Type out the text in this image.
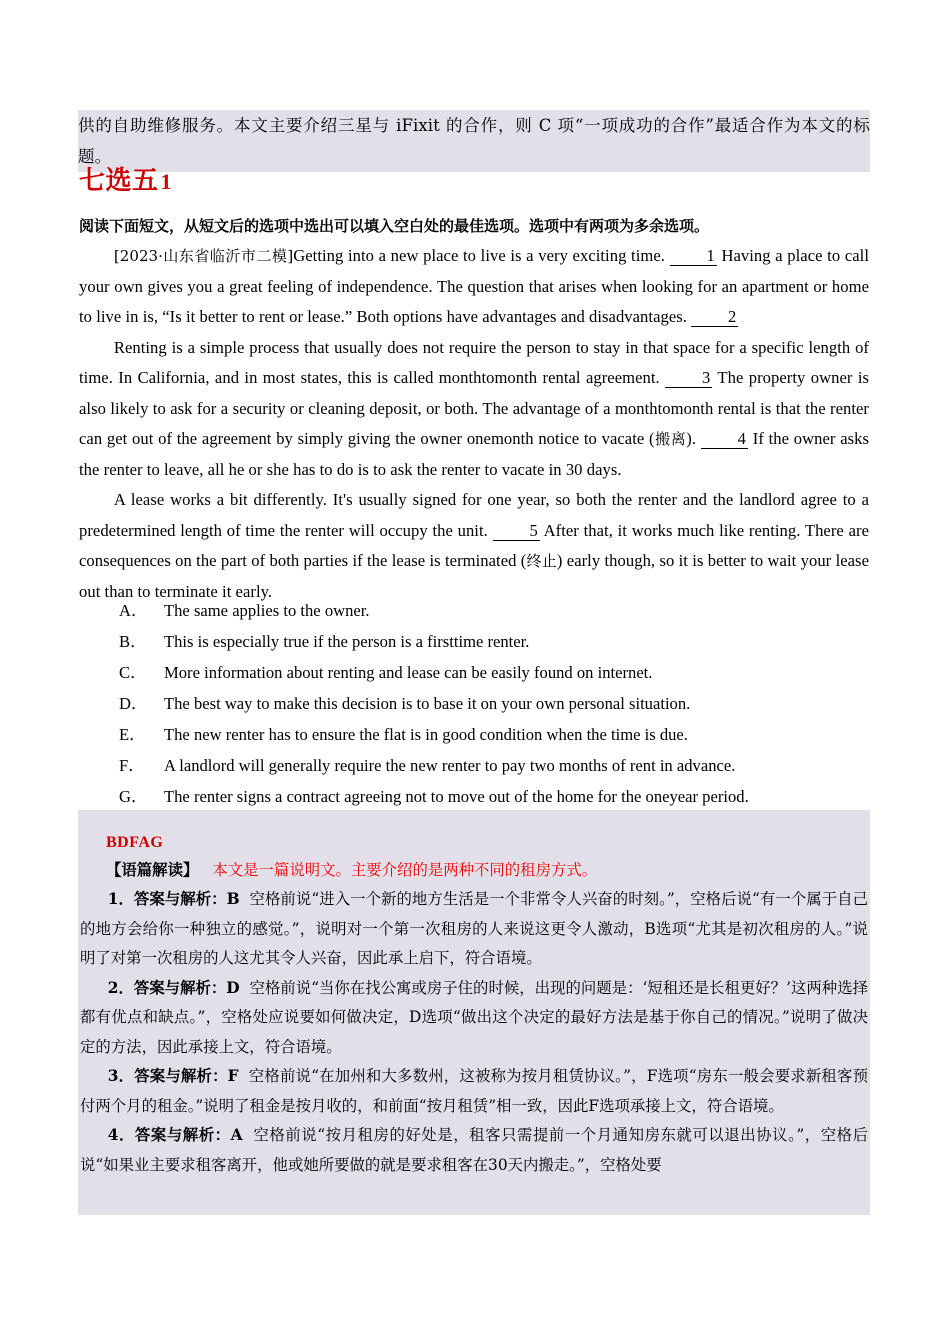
供的自助维修服务。本文主要介绍三星与 iFixit 的合作，则 C 项“一项成功的合作”最适合作为本文的标题。

七选五1
阅读下面短文，从短文后的选项中选出可以填入空白处的最佳选项。选项中有两项为多余选项。

[2023·山东省临沂市二模]Getting into a new place to live is a very exciting time.	1 Having a place to call your own gives you a great feeling of independence. The question that arises when looking for an apartment or home to live in is, “Is it better to rent or lease.” Both options have advantages and disadvantages. 2

Renting is a simple process that usually does not require the person to stay in that space for a specific length of time. In California, and in most states, this is called monthtomonth rental agreement.	3 The property owner is also likely to ask for a security or cleaning deposit, or both. The advantage of a monthtomonth rental is that the renter can get out of the agreement by simply giving the owner onemonth notice to vacate (搬离).	4 If the owner asks the renter to leave, all he or she has to do is to ask the renter to vacate in 30 days.

A lease works a bit differently. It's usually signed for one year, so both the renter and the landlord agree to a predetermined length of time the renter will occupy the unit.	5 After that, it works much like renting. There are consequences on the part of both parties if the lease is terminated (终止) early though, so it is better to wait your lease out than to terminate it early.

A． The same applies to the owner.
B．	This is especially true if the person is a firsttime renter.
C．	More information about renting and lease can be easily found on internet.
D． The best way to make this decision is to base it on your own personal situation.
E．	The new renter has to ensure the flat is in good condition when the time is due.
F．	A landlord will generally require the new renter to pay two months of rent in advance.
G． The renter signs a contract agreeing not to move out of the home for the oneyear period.
BDFAG
【语篇解读】 本文是一篇说明文。主要介绍的是两种不同的租房方式。

1．答案与解析：B 空格前说“进入一个新的地方生活是一个非常令人兴奋的时刻。”，空格后说“有一个属于自己的地方会给你一种独立的感觉。”，说明对一个第一次租房的人来说这更令人激动，B选项“尤其是初次租房的人。”说明了对第一次租房的人这尤其令人兴奋，因此承上启下，符合语境。

2．答案与解析：D 空格前说“当你在找公寓或房子住的时候，出现的问题是：‘短租还是长租更好？’这两种选择都有优点和缺点。”，空格处应说要如何做决定，D选项“做出这个决定的最好方法是基于你自己的情况。”说明了做决定的方法，因此承接上文，符合语境。

3．答案与解析：F 空格前说“在加州和大多数州，这被称为按月租赁协议。”，F选项“房东一般会要求新租客预付两个月的租金。”说明了租金是按月收的，和前面“按月租赁”相一致，因此F选项承接上文，符合语境。

4．答案与解析：A 空格前说“按月租房的好处是，租客只需提前一个月通知房东就可以退出协议。”，空格后说“如果业主要求租客离开，他或她所要做的就是要求租客在30天内搬走。”，空格处要
